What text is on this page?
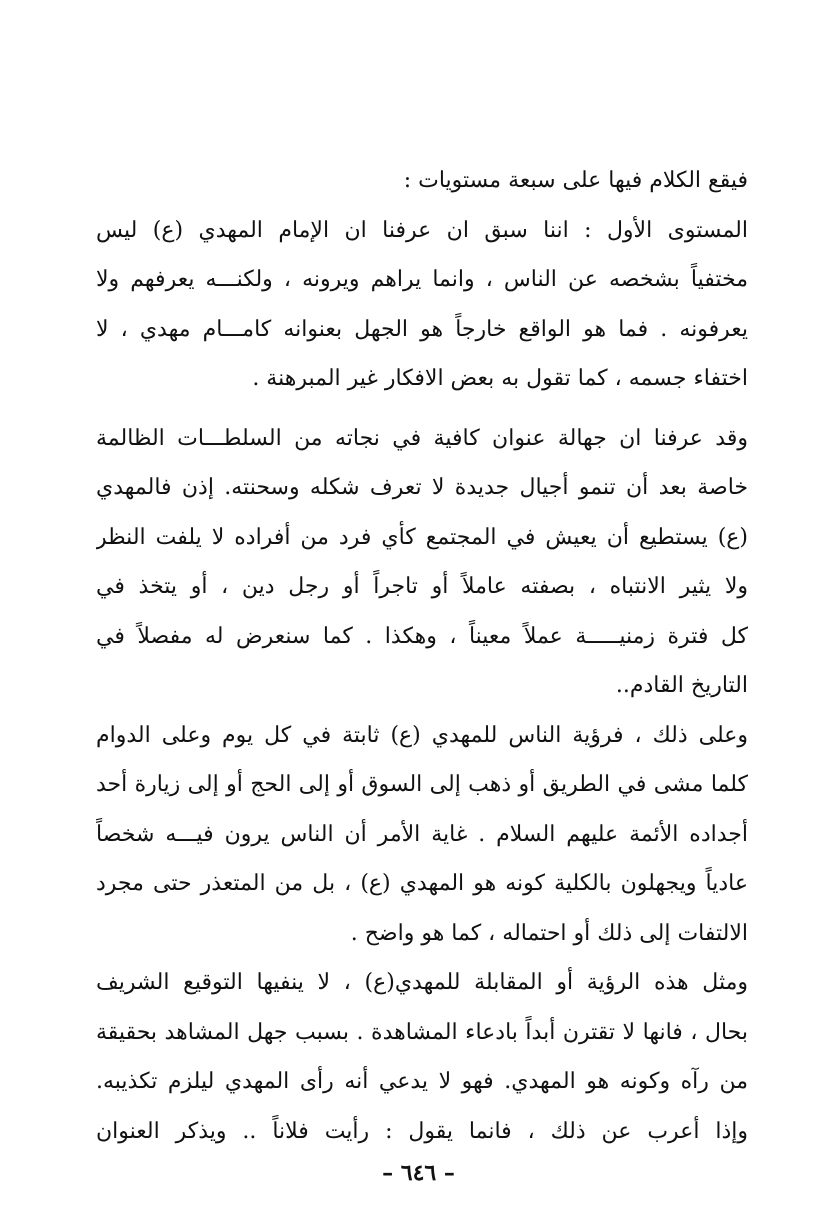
فيقع الكلام فيها على سبعة مستويات :
المستوى الأول : اننا سبق ان عرفنا ان الإمام المهدي (ع) ليس
مختفياً بشخصه عن الناس ، وانما يراهم ويرونه ، ولكنـــه يعرفهم ولا
يعرفونه . فما هو الواقع خارجاً هو الجهل بعنوانه كامـــام مهدي ، لا
اختفاء جسمه ، كما تقول به بعض الافكار غير المبرهنة .
وقد عرفنا ان جهالة عنوان كافية في نجاته من السلطـــات الظالمة
خاصة بعد أن تنمو أجيال جديدة لا تعرف شكله وسحنته. إذن فالمهدي
(ع) يستطيع أن يعيش في المجتمع كأي فرد من أفراده لا يلفت النظر
ولا يثير الانتباه ، بصفته عاملاً أو تاجراً أو رجل دين ، أو يتخذ في
كل فترة زمنيـــــة عملاً معيناً ، وهكذا . كما سنعرض له مفصلاً في
التاريخ القادم..
وعلى ذلك ، فرؤية الناس للمهدي (ع) ثابتة في كل يوم وعلى الدوام
كلما مشى في الطريق أو ذهب إلى السوق أو إلى الحج أو إلى زيارة أحد
أجداده الأئمة عليهم السلام . غاية الأمر أن الناس يرون فيـــه شخصاً
عادياً ويجهلون بالكلية كونه هو المهدي (ع) ، بل من المتعذر حتى مجرد
الالتفات إلى ذلك أو احتماله ، كما هو واضح .
ومثل هذه الرؤية أو المقابلة للمهدي(ع) ، لا ينفيها التوقيع الشريف
بحال ، فانها لا تقترن أبداً بادعاء المشاهدة . بسبب جهل المشاهد بحقيقة
من رآه وكونه هو المهدي. فهو لا يدعي أنه رأى المهدي ليلزم تكذيبه.
وإذا أعرب عن ذلك ، فانما يقول : رأيت فلاناً .. ويذكر العنوان
– ٦٤٦ –
